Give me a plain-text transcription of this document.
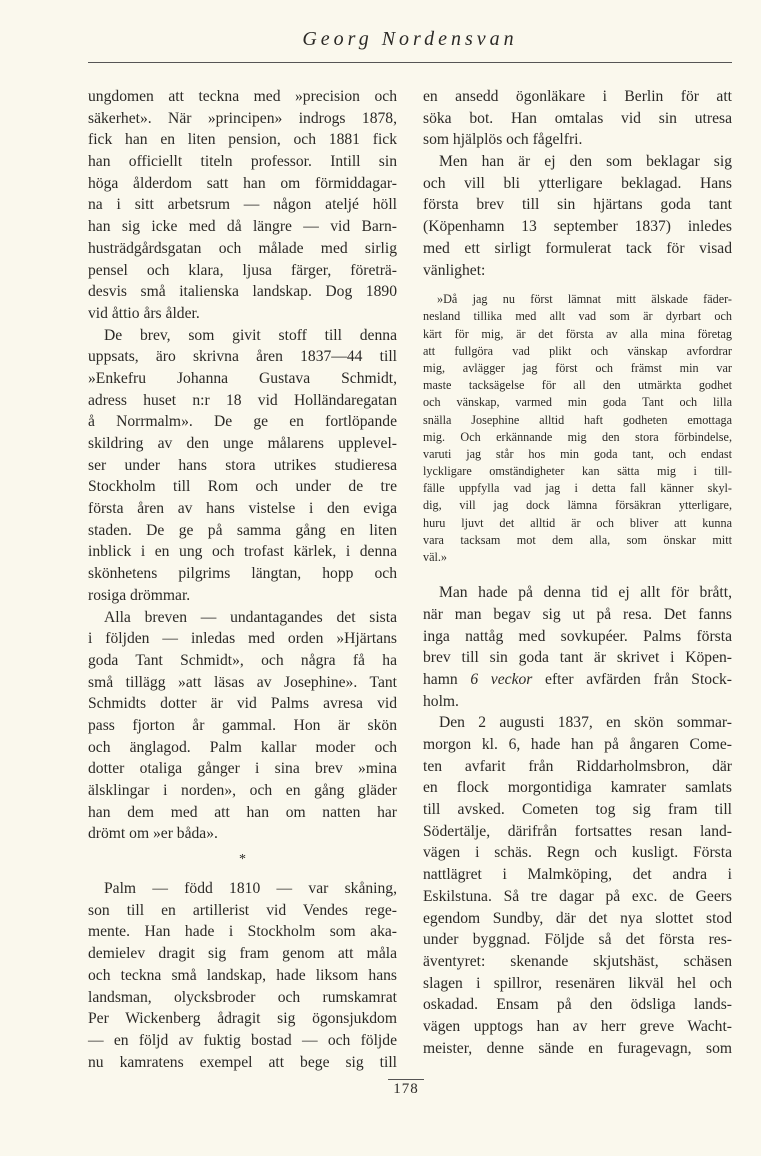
Georg Nordensvan
ungdomen att teckna med »precision och
säkerhet». När »principen» indrogs 1878,
fick han en liten pension, och 1881 fick
han officiellt titeln professor. Intill sin
höga ålderdom satt han om förmiddagar-
na i sitt arbetsrum — någon ateljé höll
han sig icke med då längre — vid Barn-
husträdgårdsgatan och målade med sirlig
pensel och klara, ljusa färger, företrä-
desvis små italienska landskap. Dog 1890
vid åttio års ålder.
De brev, som givit stoff till denna
uppsats, äro skrivna åren 1837—44 till
»Enkefru Johanna Gustava Schmidt,
adress huset n:r 18 vid Holländaregatan
å Norrmalm». De ge en fortlöpande
skildring av den unge målarens upplevel-
ser under hans stora utrikes studieresa
Stockholm till Rom och under de tre
första åren av hans vistelse i den eviga
staden. De ge på samma gång en liten
inblick i en ung och trofast kärlek, i denna
skönhetens pilgrims längtan, hopp och
rosiga drömmar.
Alla breven — undantagandes det sista
i följden — inledas med orden »Hjärtans
goda Tant Schmidt», och några få ha
små tillägg »att läsas av Josephine». Tant
Schmidts dotter är vid Palms avresa vid
pass fjorton år gammal. Hon är skön
och änglagod. Palm kallar moder och
dotter otaliga gånger i sina brev »mina
älsklingar i norden», och en gång gläder
han dem med att han om natten har
drömt om »er båda».
*
Palm — född 1810 — var skåning,
son till en artillerist vid Vendes rege-
mente. Han hade i Stockholm som aka-
demielev dragit sig fram genom att måla
och teckna små landskap, hade liksom hans
landsman, olycksbroder och rumskamrat
Per Wickenberg ådragit sig ögonsjukdom
— en följd av fuktig bostad — och följde
nu kamratens exempel att bege sig till
en ansedd ögonläkare i Berlin för att
söka bot. Han omtalas vid sin utresa
som hjälplös och fågelfri.
Men han är ej den som beklagar sig
och vill bli ytterligare beklagad. Hans
första brev till sin hjärtans goda tant
(Köpenhamn 13 september 1837) inledes
med ett sirligt formulerat tack för visad
vänlighet:
»Då jag nu först lämnat mitt älskade fäder-
nesland tillika med allt vad som är dyrbart och
kärt för mig, är det första av alla mina företag
att fullgöra vad plikt och vänskap avfordrar
mig, avlägger jag först och främst min var
maste tacksägelse för all den utmärkta godhet
och vänskap, varmed min goda Tant och lilla
snälla Josephine alltid haft godheten emottaga
mig. Och erkännande mig den stora förbindelse,
varuti jag står hos min goda tant, och endast
lyckligare omständigheter kan sätta mig i till-
fälle uppfylla vad jag i detta fall känner skyl-
dig, vill jag dock lämna försäkran ytterligare,
huru ljuvt det alltid är och bliver att kunna
vara tacksam mot dem alla, som önskar mitt
väl.»
Man hade på denna tid ej allt för brått,
när man begav sig ut på resa. Det fanns
inga nattåg med sovkupéer. Palms första
brev till sin goda tant är skrivet i Köpen-
hamn 6 veckor efter avfärden från Stock-
holm.
Den 2 augusti 1837, en skön sommar-
morgon kl. 6, hade han på ångaren Come-
ten avfarit från Riddarholmsbron, där
en flock morgontidiga kamrater samlats
till avsked. Cometen tog sig fram till
Södertälje, därifrån fortsattes resan land-
vägen i schäs. Regn och kusligt. Första
nattlägret i Malmköping, det andra i
Eskilstuna. Så tre dagar på exc. de Geers
egendom Sundby, där det nya slottet stod
under byggnad. Följde så det första res-
äventyret: skenande skjutshäst, schäsen
slagen i spillror, resenären likväl hel och
oskadad. Ensam på den ödsliga lands-
vägen upptogs han av herr greve Wacht-
meister, denne sände en furagevagn, som
178
